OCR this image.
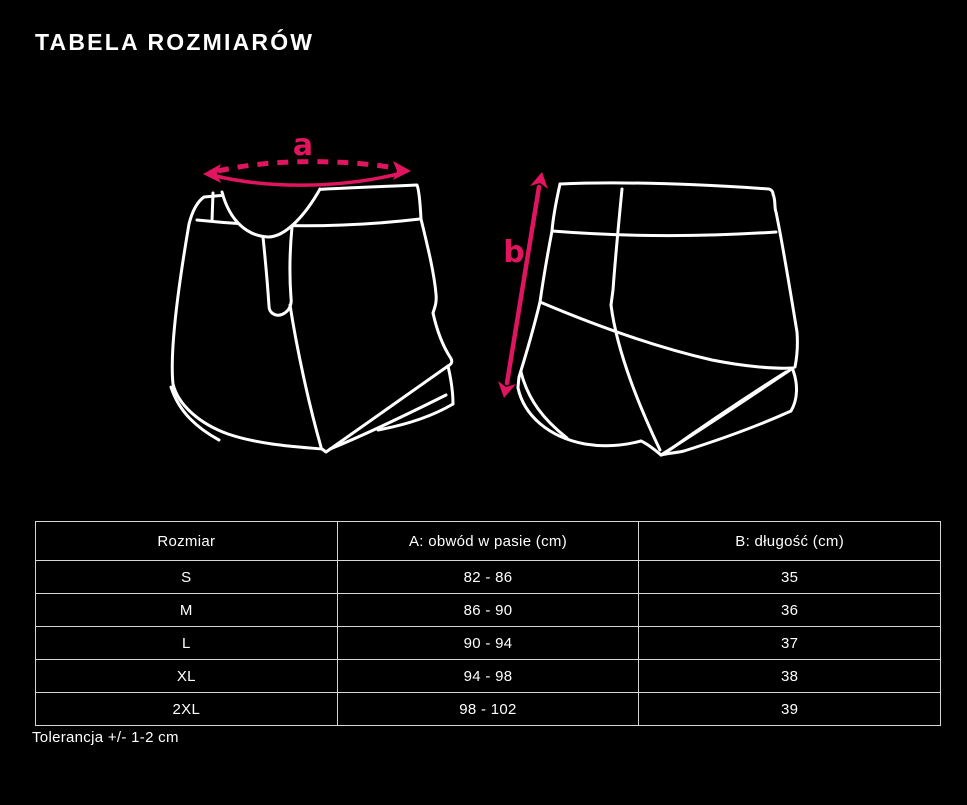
TABELA ROZMIARÓW
a
b
Rozmiar	A: obwód w pasie (cm)	B: długość (cm)
S	82 - 86	35
M	86 - 90	36
L	90 - 94	37
XL	94 - 98	38
2XL	98 - 102	39
Tolerancja +/- 1-2 cm
